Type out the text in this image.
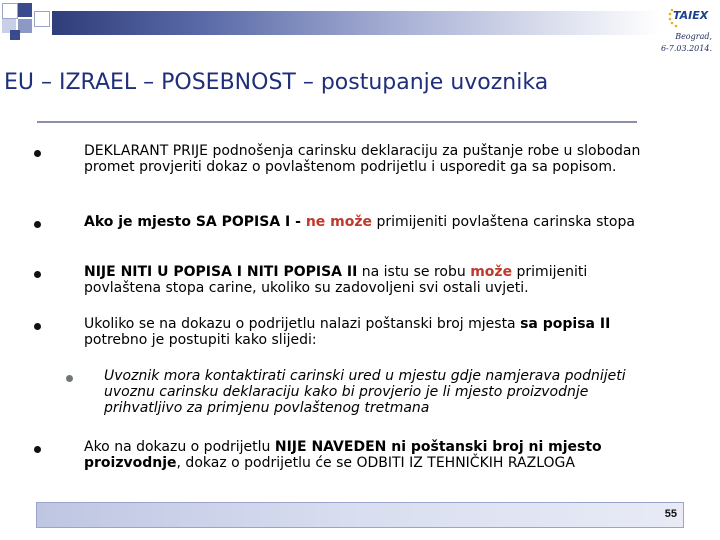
TAIEX
Beograd,
6-7.03.2014.
EU – IZRAEL – POSEBNOST – postupanje uvoznika
DEKLARANT PRIJE podnošenja carinsku deklaraciju za puštanje robe u slobodan promet provjeriti dokaz o povlaštenom podrijetlu i usporedit ga sa popisom.
Ako je mjesto SA POPISA I - ne može primijeniti povlaštena carinska stopa
NIJE NITI U POPISA I NITI POPISA II na istu se robu može primijeniti povlaštena stopa carine, ukoliko su zadovoljeni svi ostali uvjeti.
Ukoliko se na dokazu o podrijetlu nalazi poštanski broj mjesta sa popisa II potrebno je postupiti kako slijedi:
Uvoznik mora kontaktirati carinski ured u mjestu gdje namjerava podnijeti uvoznu carinsku deklaraciju kako bi provjerio je li mjesto proizvodnje prihvatljivo za primjenu povlaštenog tretmana
Ako na dokazu o podrijetlu NIJE NAVEDEN ni poštanski broj ni mjesto proizvodnje, dokaz o podrijetlu će se ODBITI IZ TEHNIČKIH RAZLOGA
55
